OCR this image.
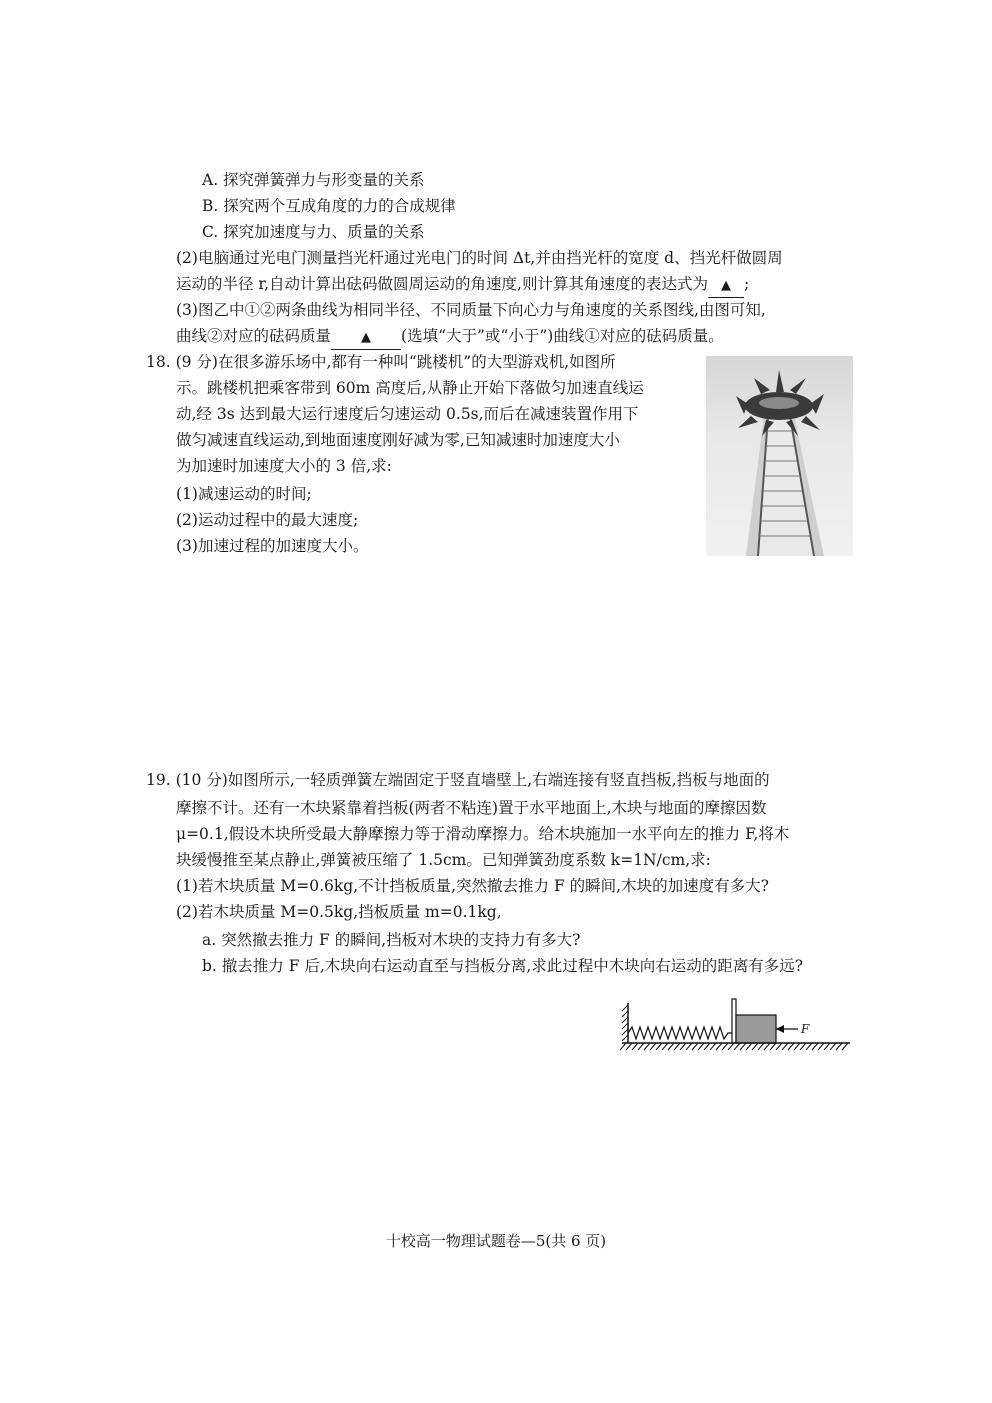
A. 探究弹簧弹力与形变量的关系
B. 探究两个互成角度的力的合成规律
C. 探究加速度与力、质量的关系
(2)电脑通过光电门测量挡光杆通过光电门的时间 Δt,并由挡光杆的宽度 d、挡光杆做圆周
运动的半径 r,自动计算出砝码做圆周运动的角速度,则计算其角速度的表达式为 ▲ ;
(3)图乙中①②两条曲线为相同半径、不同质量下向心力与角速度的关系图线,由图可知,
曲线②对应的砝码质量 ▲ (选填“大于”或“小于”)曲线①对应的砝码质量。
18. (9 分)在很多游乐场中,都有一种叫“跳楼机”的大型游戏机,如图所
示。跳楼机把乘客带到 60m 高度后,从静止开始下落做匀加速直线运
动,经 3s 达到最大运行速度后匀速运动 0.5s,而后在减速装置作用下
做匀减速直线运动,到地面速度刚好减为零,已知减速时加速度大小
为加速时加速度大小的 3 倍,求:
(1)减速运动的时间;
(2)运动过程中的最大速度;
(3)加速过程的加速度大小。
19. (10 分)如图所示,一轻质弹簧左端固定于竖直墙壁上,右端连接有竖直挡板,挡板与地面的
摩擦不计。还有一木块紧靠着挡板(两者不粘连)置于水平地面上,木块与地面的摩擦因数
μ=0.1,假设木块所受最大静摩擦力等于滑动摩擦力。给木块施加一水平向左的推力 F,将木
块缓慢推至某点静止,弹簧被压缩了 1.5cm。已知弹簧劲度系数 k=1N/cm,求:
(1)若木块质量 M=0.6kg,不计挡板质量,突然撤去推力 F 的瞬间,木块的加速度有多大?
(2)若木块质量 M=0.5kg,挡板质量 m=0.1kg,
a. 突然撤去推力 F 的瞬间,挡板对木块的支持力有多大?
b. 撤去推力 F 后,木块向右运动直至与挡板分离,求此过程中木块向右运动的距离有多远?
F
十校高一物理试题卷—5(共 6 页)
